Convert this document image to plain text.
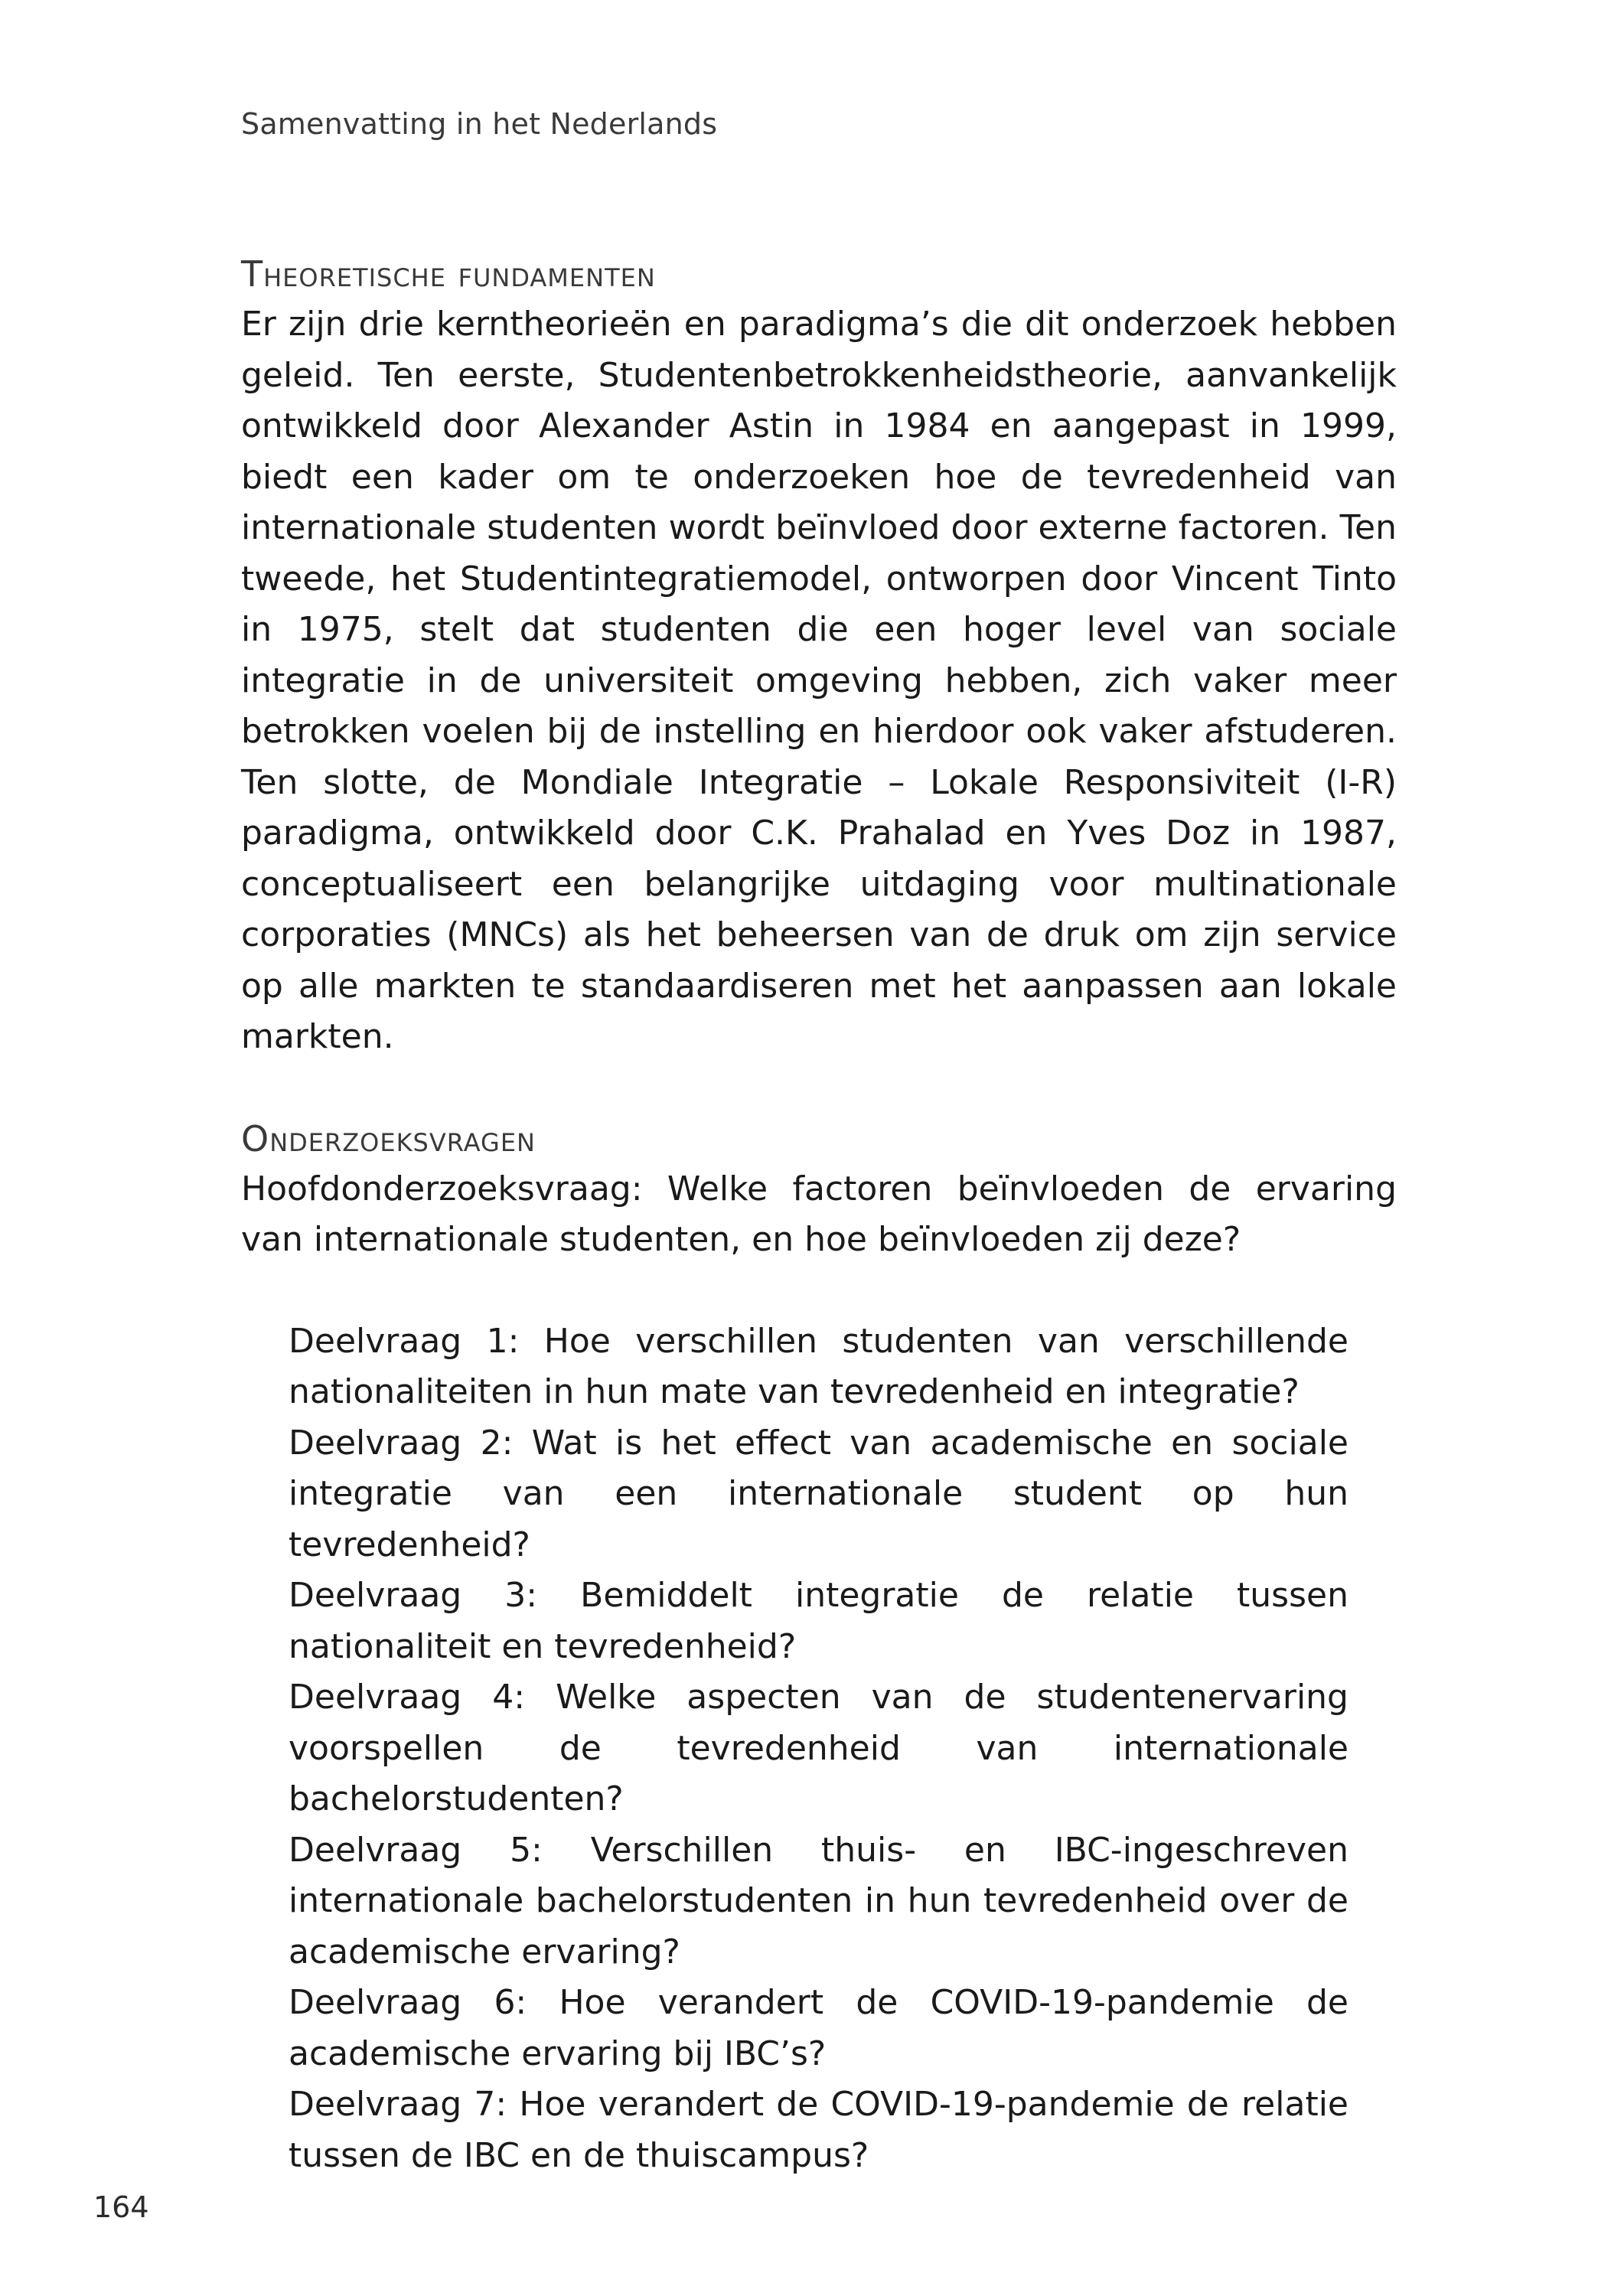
Samenvatting in het Nederlands
Theoretische fundamenten

Er zijn drie kerntheorieën en paradigma’s die dit onderzoek hebben geleid. Ten eerste, Studentenbetrokkenheidstheorie, aanvankelijk ontwikkeld door Alexander Astin in 1984 en aangepast in 1999, biedt een kader om te onderzoeken hoe de tevredenheid van internationale studenten wordt beïnvloed door externe factoren. Ten tweede, het Studentintegratiemodel, ontworpen door Vincent Tinto in 1975, stelt dat studenten die een hoger level van sociale integratie in de universiteit omgeving hebben, zich vaker meer betrokken voelen bij de instelling en hierdoor ook vaker afstuderen. Ten slotte, de Mondiale Integratie – Lokale Responsiviteit (I-R) paradigma, ontwikkeld door C.K. Prahalad en Yves Doz in 1987, conceptualiseert een belangrijke uitdaging voor multinationale corporaties (MNCs) als het beheersen van de druk om zijn service op alle markten te standaardiseren met het aanpassen aan lokale markten.

Onderzoeksvragen

Hoofdonderzoeksvraag: Welke factoren beïnvloeden de ervaring van internationale studenten, en hoe beïnvloeden zij deze?

Deelvraag 1: Hoe verschillen studenten van verschillende nationaliteiten in hun mate van tevredenheid en integratie?

Deelvraag 2: Wat is het effect van academische en sociale integratie van een internationale student op hun tevredenheid?

Deelvraag 3: Bemiddelt integratie de relatie tussen nationaliteit en tevredenheid?

Deelvraag 4: Welke aspecten van de studentenervaring voorspellen de tevredenheid van internationale bachelorstudenten?

Deelvraag 5: Verschillen thuis- en IBC-ingeschreven internationale bachelorstudenten in hun tevredenheid over de academische ervaring?

Deelvraag 6: Hoe verandert de COVID-19-pandemie de academische ervaring bij IBC’s?

Deelvraag 7: Hoe verandert de COVID-19-pandemie de relatie tussen de IBC en de thuiscampus?

164
